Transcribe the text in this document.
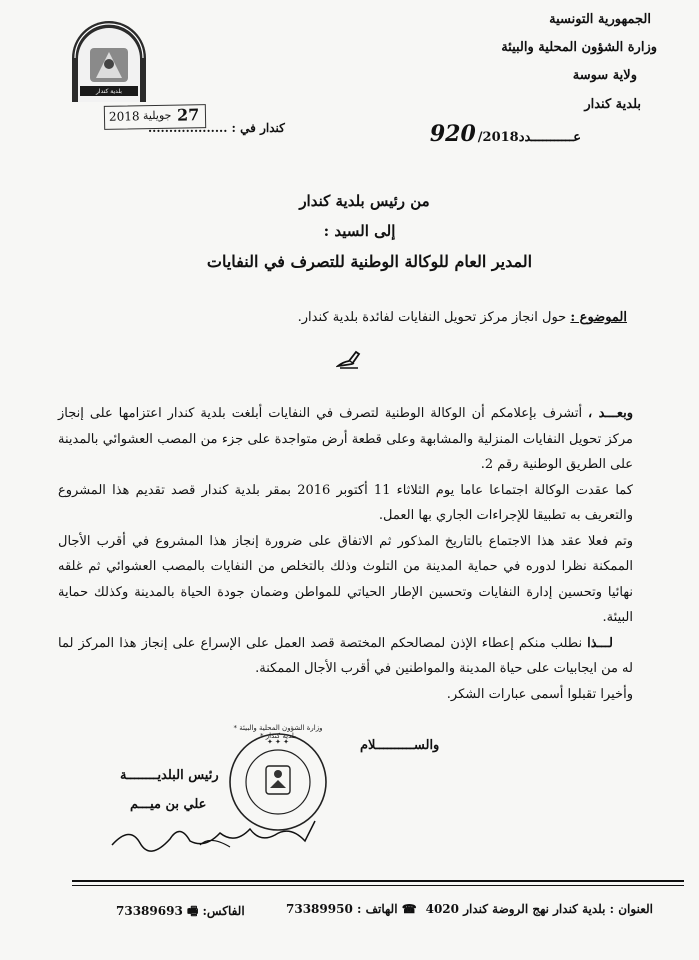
بلدية كندار
الجمهورية التونسية
وزارة الشؤون المحلية والبيئة
ولاية سوسة
بلدية كندار
عـــــــــــدد920 /2018
2018 جويلية 27
كندار في : ...................
من رئيس بلدية كندار
إلى السيد :
المدير العام للوكالة الوطنية للتصرف في النفايات
الموضوع : حول انجاز مركز تحويل النفايات لفائدة بلدية كندار.

وبعـــد ، أتشرف بإعلامكم أن الوكالة الوطنية لتصرف في النفايات أبلغت بلدية كندار اعتزامها على إنجاز مركز تحويل النفايات المنزلية والمشابهة وعلى قطعة أرض متواجدة على جزء من المصب العشوائي بالمدينة على الطريق الوطنية رقم 2.

كما عقدت الوكالة اجتماعا عاما يوم الثلاثاء 11 أكتوبر 2016 بمقر بلدية كندار قصد تقديم هذا المشروع والتعريف به تطبيقا للإجراءات الجاري بها العمل.

وتم فعلا عقد هذا الاجتماع بالتاريخ المذكور ثم الاتفاق على ضرورة إنجاز هذا المشروع في أقرب الأجال الممكنة نظرا لدوره في حماية المدينة من التلوث وذلك بالتخلص من النفايات بالمصب العشوائي ثم غلقه نهائيا وتحسين إدارة النفايات وتحسين الإطار الحياتي للمواطن وضمان جودة الحياة بالمدينة وكذلك حماية البيئة.

لـــذا نطلب منكم إعطاء الإذن لمصالحكم المختصة قصد العمل على الإسراع على إنجاز هذا المركز لما له من ايجابيات على حياة المدينة والمواطنين في أقرب الأجال الممكنة.

وأخيرا تقبلوا أسمى عبارات الشكر.

والســــــــــلام
✦ ✦ ✦
وزارة الشؤون المحلية والبيئة * بلدية كندار *
رئيس البلديــــــــة
علي بن ميـــم
العنوان : بلدية كندار نهج الروضة كندار 4020
☎ الهاتف : 73389950
الفاكس: 🖷 73389693
